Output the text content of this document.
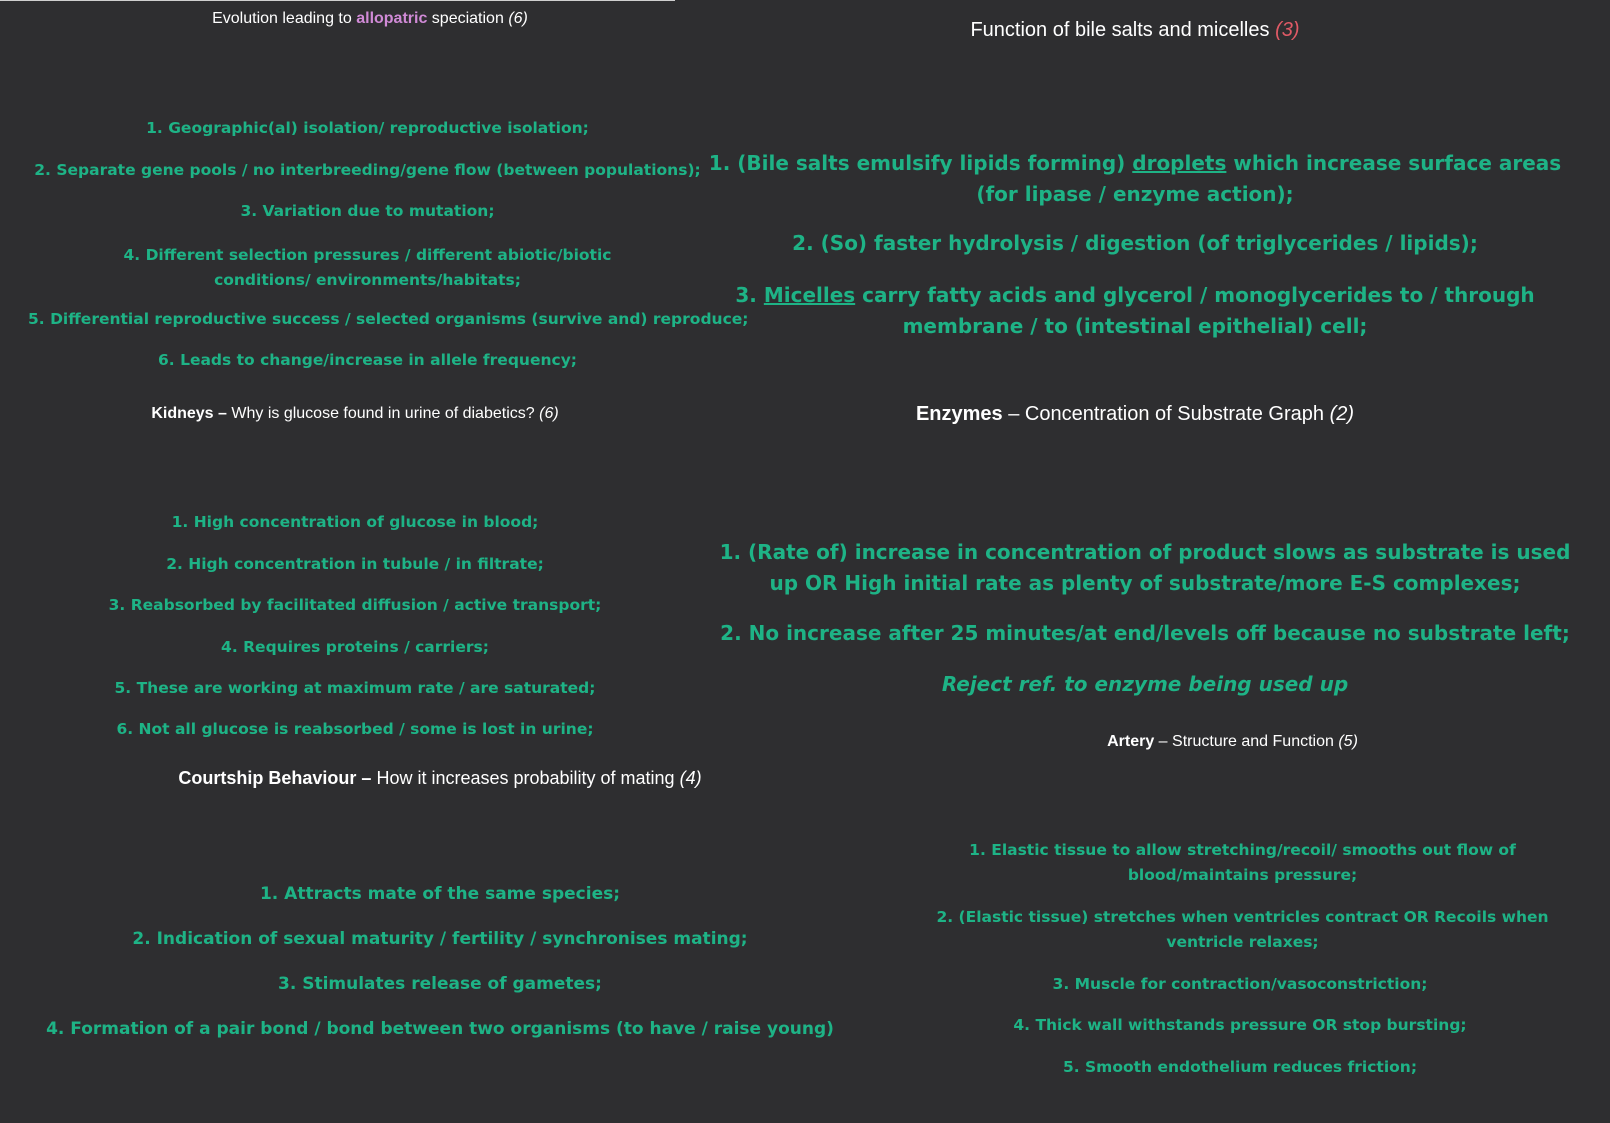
Evolution leading to allopatric speciation (6)

1. Geographic(al) isolation/ reproductive isolation;

2. Separate gene pools / no interbreeding/gene flow (between populations);

3. Variation due to mutation;

4. Different selection pressures / different abiotic/biotic conditions/ environments/habitats;

5. Differential reproductive success / selected organisms (survive and) reproduce;

6. Leads to change/increase in allele frequency;

Function of bile salts and micelles (3)

1. (Bile salts emulsify lipids forming) droplets which increase surface areas (for lipase / enzyme action);

2. (So) faster hydrolysis / digestion (of triglycerides / lipids);

3. Micelles carry fatty acids and glycerol / monoglycerides to / through membrane / to (intestinal epithelial) cell;

Kidneys – Why is glucose found in urine of diabetics? (6)

1. High concentration of glucose in blood;

2. High concentration in tubule / in filtrate;

3. Reabsorbed by facilitated diffusion / active transport;

4. Requires proteins / carriers;

5. These are working at maximum rate / are saturated;

6. Not all glucose is reabsorbed / some is lost in urine;

Enzymes – Concentration of Substrate Graph (2)

1. (Rate of) increase in concentration of product slows as substrate is used up OR High initial rate as plenty of substrate/more E-S complexes;

2. No increase after 25 minutes/at end/levels off because no substrate left;

Reject ref. to enzyme being used up

Artery – Structure and Function (5)

1. Elastic tissue to allow stretching/recoil/ smooths out flow of blood/maintains pressure;

2. (Elastic tissue) stretches when ventricles contract OR Recoils when ventricle relaxes;

3. Muscle for contraction/vasoconstriction;

4. Thick wall withstands pressure OR stop bursting;

5. Smooth endothelium reduces friction;

Courtship Behaviour – How it increases probability of mating (4)

1. Attracts mate of the same species;

2. Indication of sexual maturity / fertility / synchronises mating;

3. Stimulates release of gametes;

4. Formation of a pair bond / bond between two organisms (to have / raise young)
